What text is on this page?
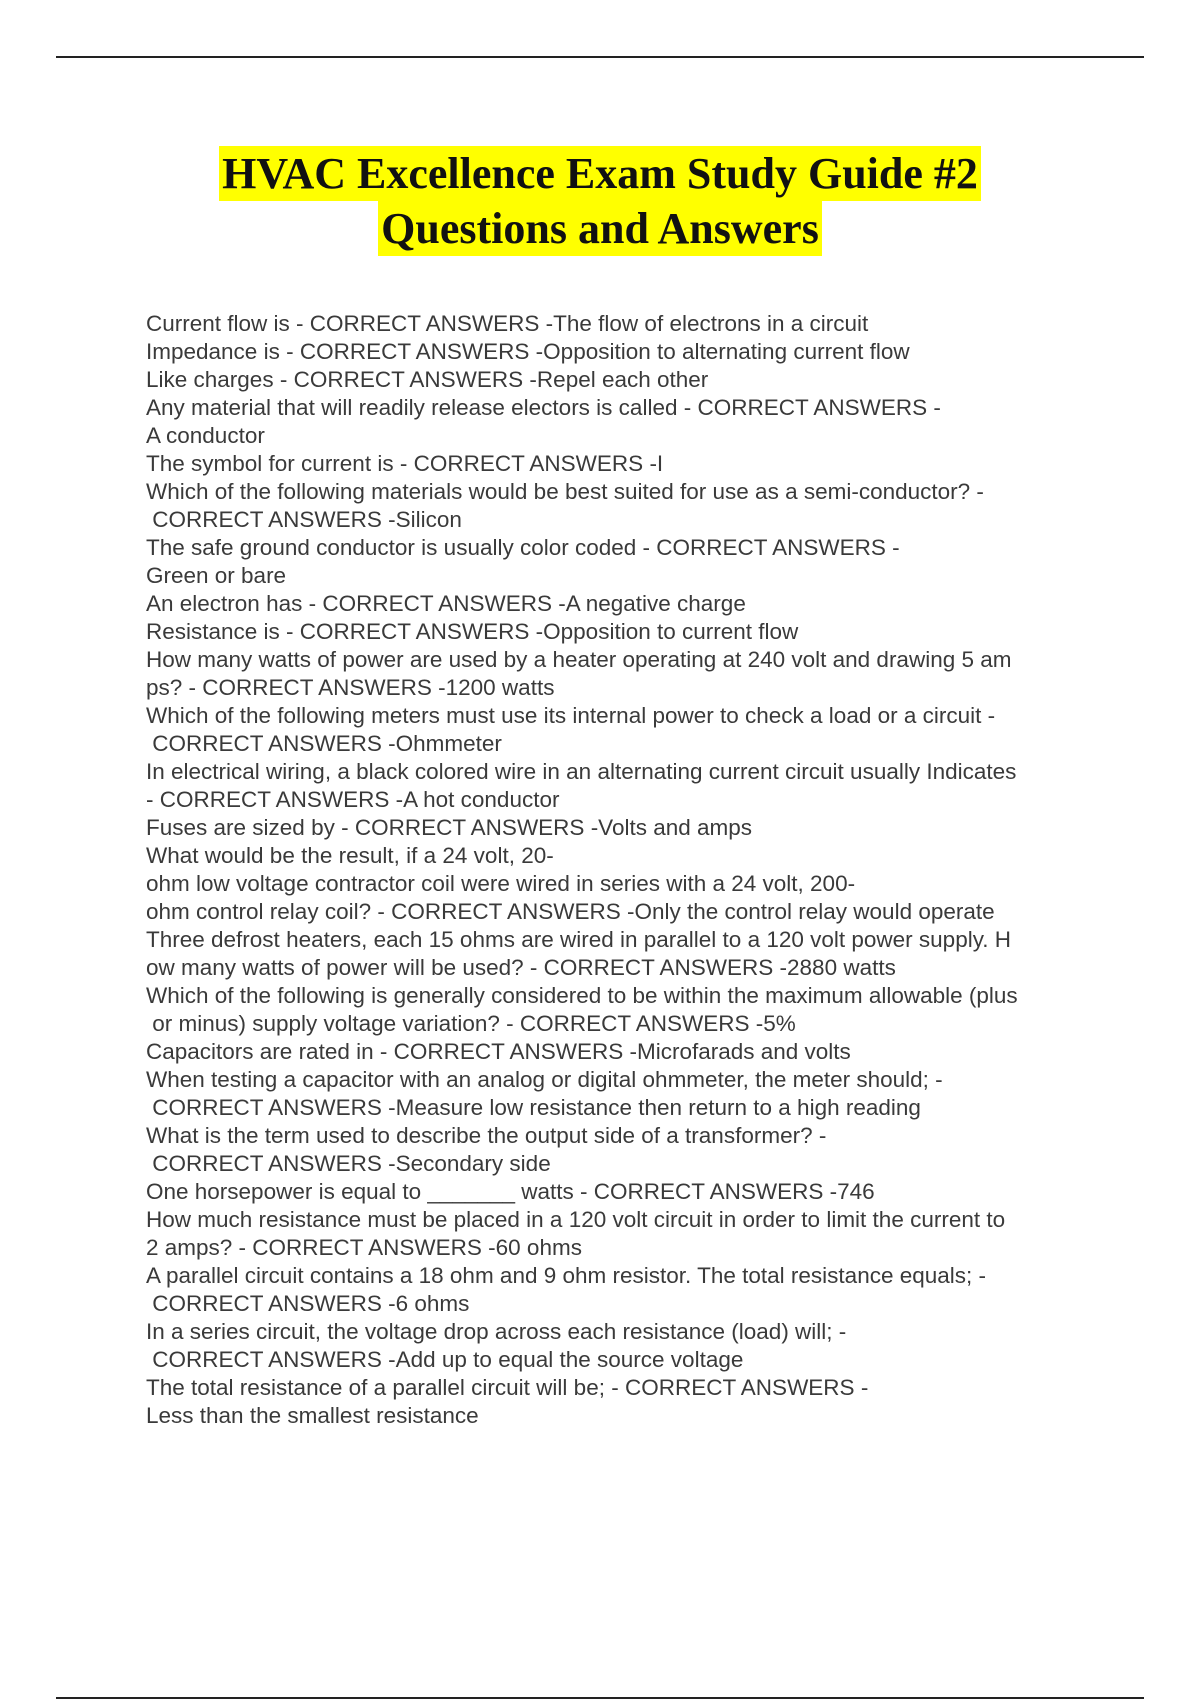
HVAC Excellence Exam Study Guide #2
Questions and Answers
Current flow is - CORRECT ANSWERS -The flow of electrons in a circuit
Impedance is - CORRECT ANSWERS -Opposition to alternating current flow
Like charges - CORRECT ANSWERS -Repel each other
Any material that will readily release electors is called - CORRECT ANSWERS -
A conductor
The symbol for current is - CORRECT ANSWERS -I
Which of the following materials would be best suited for use as a semi-conductor? -
CORRECT ANSWERS -Silicon
The safe ground conductor is usually color coded - CORRECT ANSWERS -
Green or bare
An electron has - CORRECT ANSWERS -A negative charge
Resistance is - CORRECT ANSWERS -Opposition to current flow
How many watts of power are used by a heater operating at 240 volt and drawing 5 am
ps? - CORRECT ANSWERS -1200 watts
Which of the following meters must use its internal power to check a load or a circuit -
CORRECT ANSWERS -Ohmmeter
In electrical wiring, a black colored wire in an alternating current circuit usually Indicates
- CORRECT ANSWERS -A hot conductor
Fuses are sized by - CORRECT ANSWERS -Volts and amps
What would be the result, if a 24 volt, 20-
ohm low voltage contractor coil were wired in series with a 24 volt, 200-
ohm control relay coil? - CORRECT ANSWERS -Only the control relay would operate
Three defrost heaters, each 15 ohms are wired in parallel to a 120 volt power supply. H
ow many watts of power will be used? - CORRECT ANSWERS -2880 watts
Which of the following is generally considered to be within the maximum allowable (plus
or minus) supply voltage variation? - CORRECT ANSWERS -5%
Capacitors are rated in - CORRECT ANSWERS -Microfarads and volts
When testing a capacitor with an analog or digital ohmmeter, the meter should; -
CORRECT ANSWERS -Measure low resistance then return to a high reading
What is the term used to describe the output side of a transformer? -
CORRECT ANSWERS -Secondary side
One horsepower is equal to _______ watts - CORRECT ANSWERS -746
How much resistance must be placed in a 120 volt circuit in order to limit the current to
2 amps? - CORRECT ANSWERS -60 ohms
A parallel circuit contains a 18 ohm and 9 ohm resistor. The total resistance equals; -
CORRECT ANSWERS -6 ohms
In a series circuit, the voltage drop across each resistance (load) will; -
CORRECT ANSWERS -Add up to equal the source voltage
The total resistance of a parallel circuit will be; - CORRECT ANSWERS -
Less than the smallest resistance
